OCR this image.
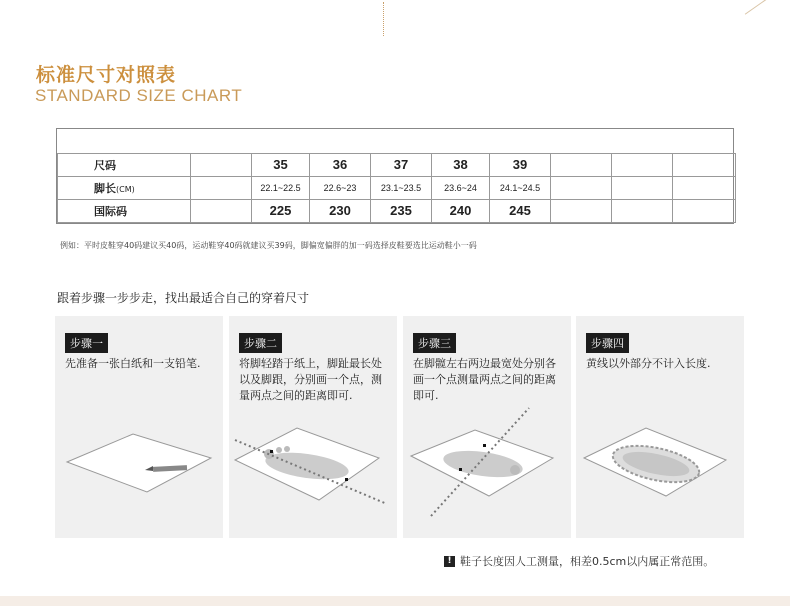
标准尺寸对照表
STANDARD SIZE CHART

尺码		35	36	37	38	39			
脚长(CM)		22.1~22.5	22.6~23	23.1~23.5	23.6~24	24.1~24.5			
国际码		225	230	235	240	245			
例如：平时皮鞋穿40码建议买40码，运动鞋穿40码就建议买39码，脚偏宽偏胖的加一码选择皮鞋要选比运动鞋小一码
跟着步骤一步步走，找出最适合自己的穿着尺寸
步骤一
先准备一张白纸和一支铅笔.
步骤二
将脚轻踏于纸上，脚趾最长处以及脚跟，分别画一个点，测量两点之间的距离即可.
步骤三
在脚髋左右两边最宽处分别各画一个点测量两点之间的距离即可.
步骤四
黄线以外部分不计入长度.
! 鞋子长度因人工测量，相差0.5cm以内属正常范围。
